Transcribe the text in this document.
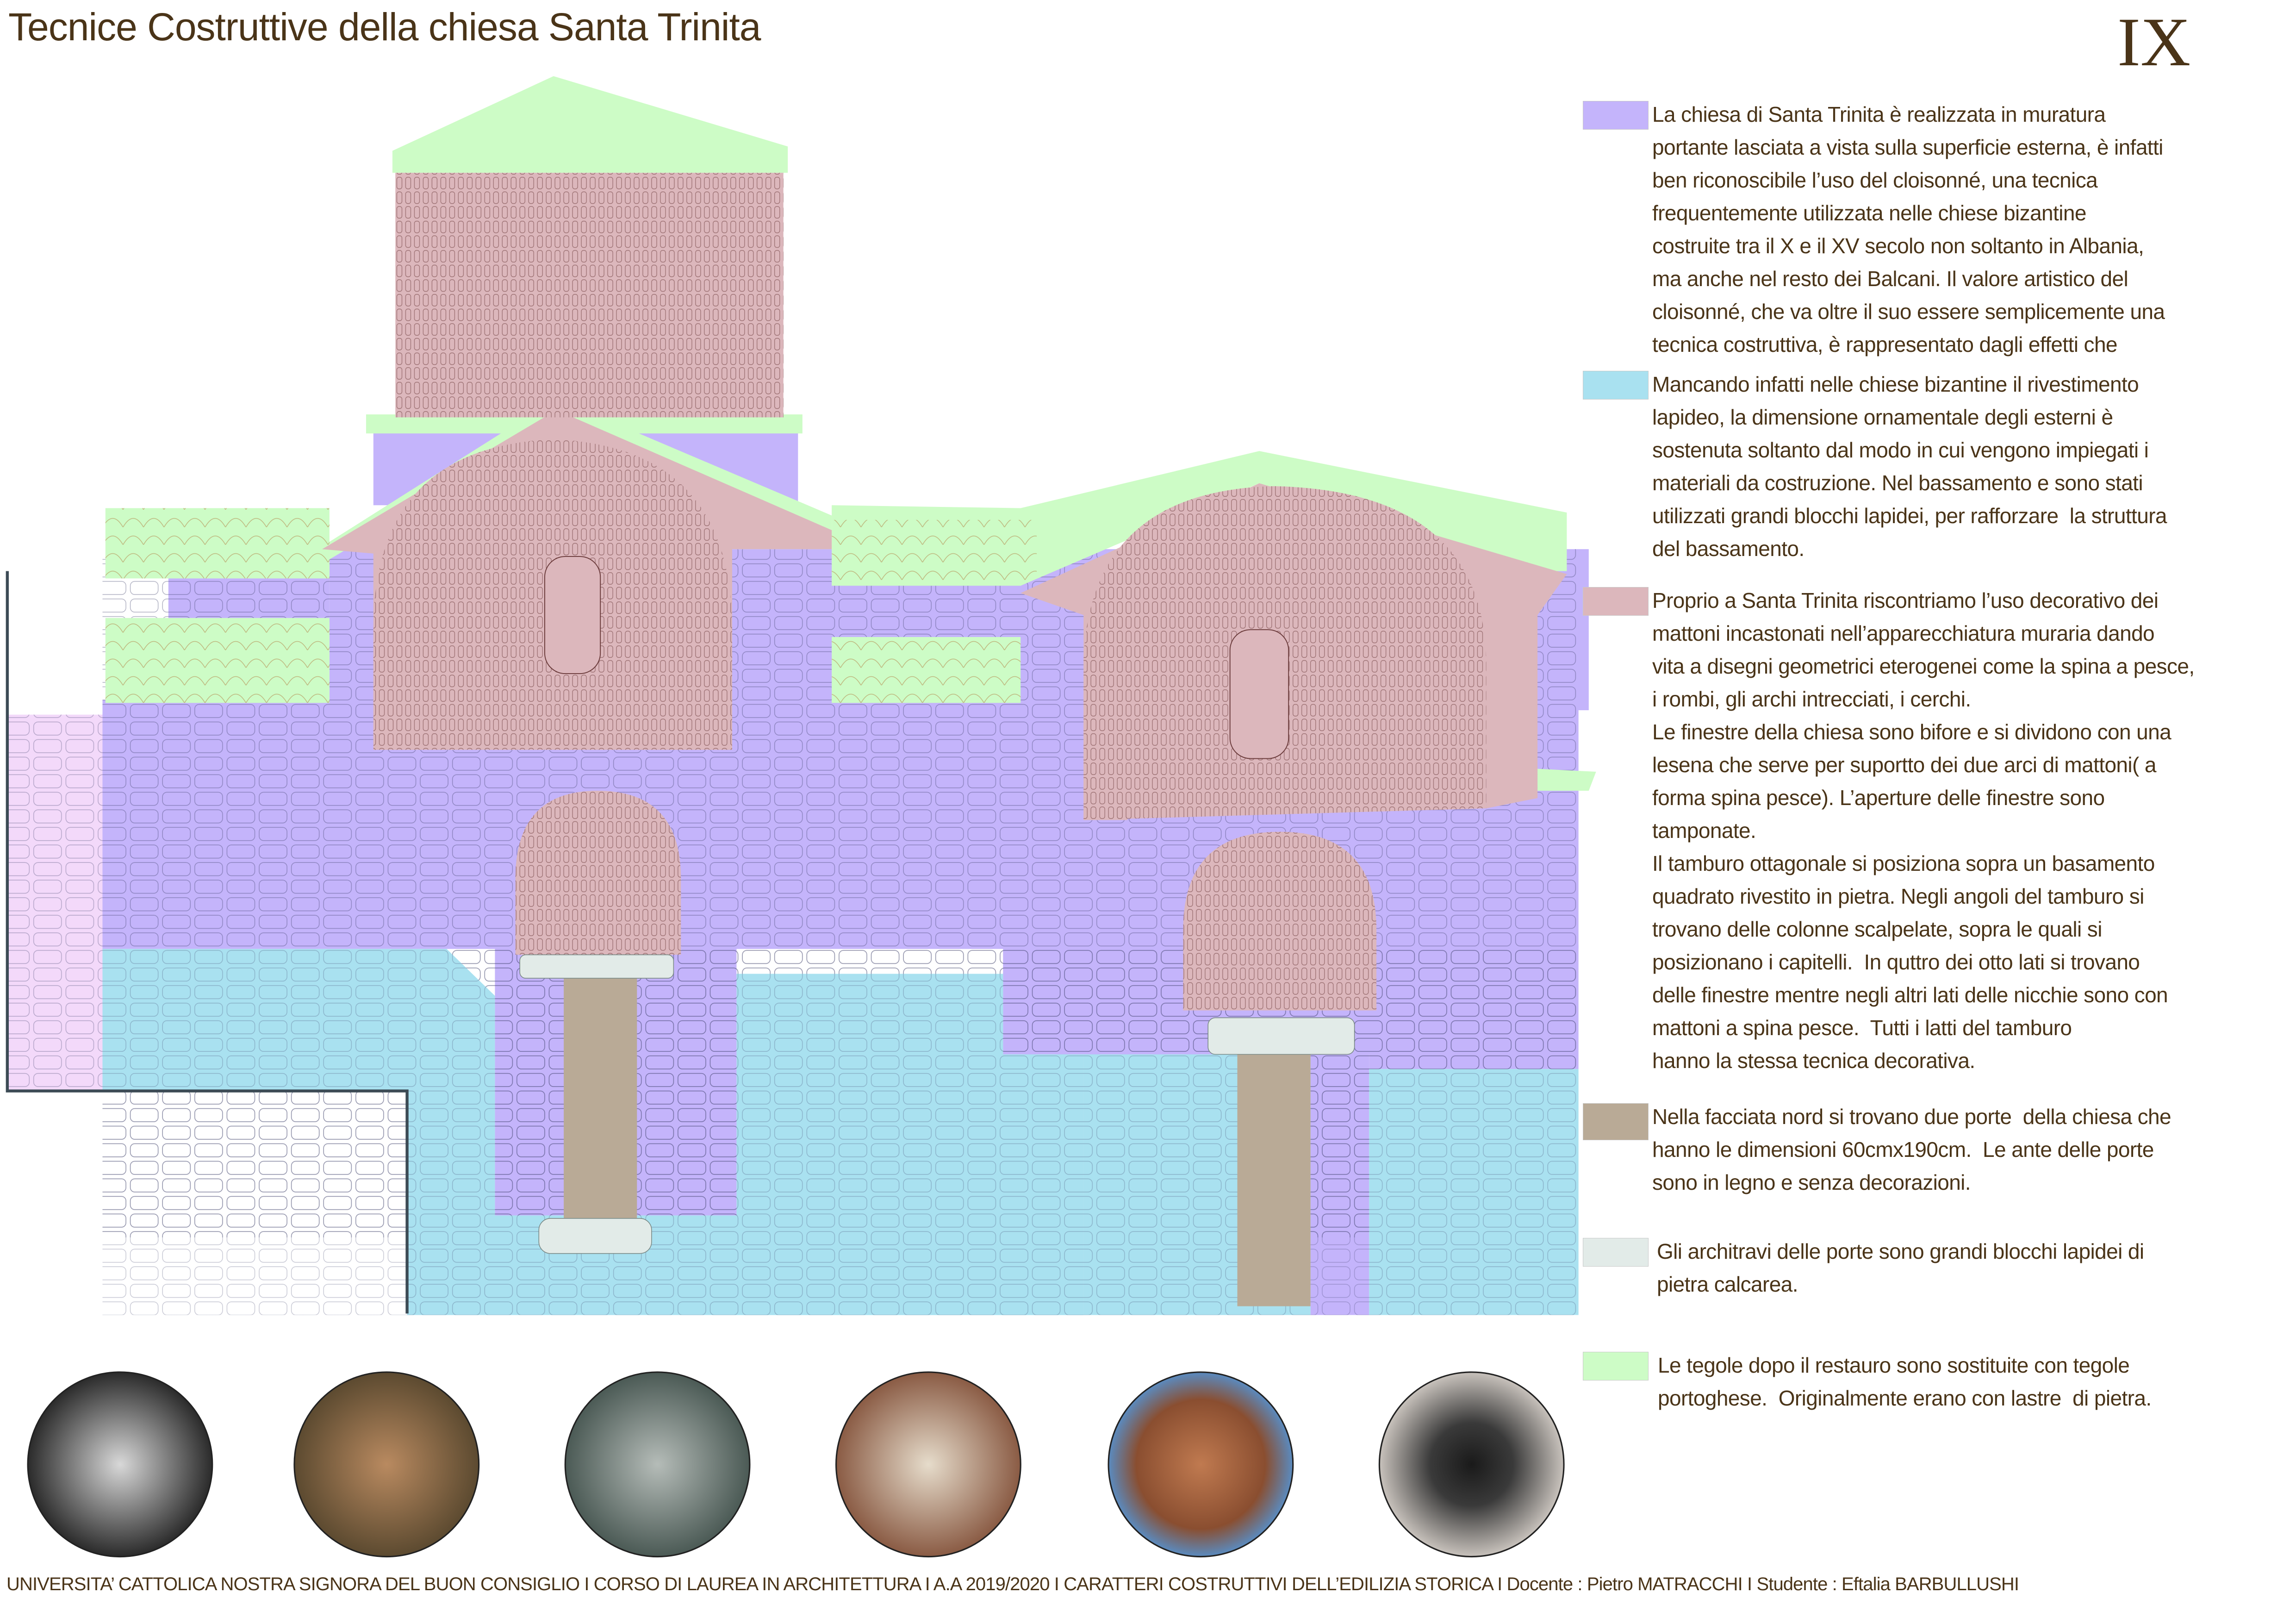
Tecnice Costruttive della chiesa Santa Trinita	IX
La chiesa di Santa Trinita è realizzata in muratura
portante lasciata a vista sulla superficie esterna, è infatti
ben riconoscibile l’uso del cloisonné, una tecnica
frequentemente utilizzata nelle chiese bizantine
costruite tra il X e il XV secolo non soltanto in Albania,
ma anche nel resto dei Balcani. Il valore artistico del
cloisonné, che va oltre il suo essere semplicemente una
tecnica costruttiva, è rappresentato dagli effetti che
Mancando infatti nelle chiese bizantine il rivestimento
lapideo, la dimensione ornamentale degli esterni è
sostenuta soltanto dal modo in cui vengono impiegati i
materiali da costruzione. Nel bassamento e sono stati
utilizzati grandi blocchi lapidei, per rafforzare  la struttura
del bassamento.
Proprio a Santa Trinita riscontriamo l’uso decorativo dei
mattoni incastonati nell’apparecchiatura muraria dando
vita a disegni geometrici eterogenei come la spina a pesce,
i rombi, gli archi intrecciati, i cerchi.
Le finestre della chiesa sono bifore e si dividono con una
lesena che serve per suportto dei due arci di mattoni( a
forma spina pesce). L’aperture delle finestre sono
tamponate.
Il tamburo ottagonale si posiziona sopra un basamento
quadrato rivestito in pietra. Negli angoli del tamburo si
trovano delle colonne scalpelate, sopra le quali si
posizionano i capitelli.  In quttro dei otto lati si trovano
delle finestre mentre negli altri lati delle nicchie sono con
mattoni a spina pesce.  Tutti i latti del tamburo
hanno la stessa tecnica decorativa.
Nella facciata nord si trovano due porte  della chiesa che
hanno le dimensioni 60cmx190cm.  Le ante delle porte
sono in legno e senza decorazioni.
Gli architravi delle porte sono grandi blocchi lapidei di
pietra calcarea.
Le tegole dopo il restauro sono sostituite con tegole
portoghese.  Originalmente erano con lastre  di pietra.
UNIVERSITA’ CATTOLICA NOSTRA SIGNORA DEL BUON CONSIGLIO I CORSO DI LAUREA IN ARCHITETTURA I A.A 2019/2020 I CARATTERI COSTRUTTIVI DELL’EDILIZIA STORICA I Docente : Pietro MATRACCHI I Studente : Eftalia BARBULLUSHI
